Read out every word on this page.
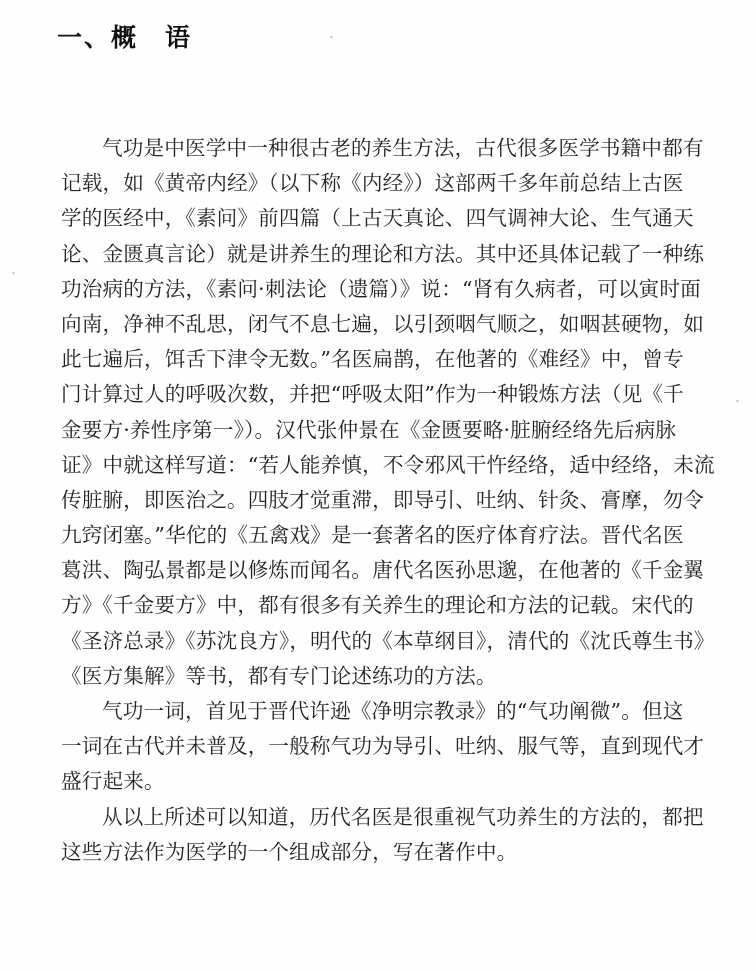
一、概　语
气功是中医学中一种很古老的养生方法，古代很多医学书籍中都有
记载，如《黄帝内经》（以下称《内经》）这部两千多年前总结上古医
学的医经中，《素问》前四篇（上古天真论、四气调神大论、生气通天
论、金匮真言论）就是讲养生的理论和方法。其中还具体记载了一种练
功治病的方法，《素问·刺法论（遗篇）》说：“肾有久病者，可以寅时面
向南，净神不乱思，闭气不息七遍，以引颈咽气顺之，如咽甚硬物，如
此七遍后，饵舌下津令无数。”名医扁鹊，在他著的《难经》中，曾专
门计算过人的呼吸次数，并把“呼吸太阳”作为一种锻炼方法（见《千
金要方·养性序第一》）。汉代张仲景在《金匮要略·脏腑经络先后病脉
证》中就这样写道：“若人能养慎，不令邪风干忤经络，适中经络，未流
传脏腑，即医治之。四肢才觉重滞，即导引、吐纳、针灸、膏摩，勿令
九窍闭塞。”华佗的《五禽戏》是一套著名的医疗体育疗法。晋代名医
葛洪、陶弘景都是以修炼而闻名。唐代名医孙思邈，在他著的《千金翼
方》《千金要方》中，都有很多有关养生的理论和方法的记载。宋代的
《圣济总录》《苏沈良方》，明代的《本草纲目》，清代的《沈氏尊生书》
《医方集解》等书，都有专门论述练功的方法。
气功一词，首见于晋代许逊《净明宗教录》的“气功阐微”。但这
一词在古代并未普及，一般称气功为导引、吐纳、服气等，直到现代才
盛行起来。
从以上所述可以知道，历代名医是很重视气功养生的方法的，都把
这些方法作为医学的一个组成部分，写在著作中。
